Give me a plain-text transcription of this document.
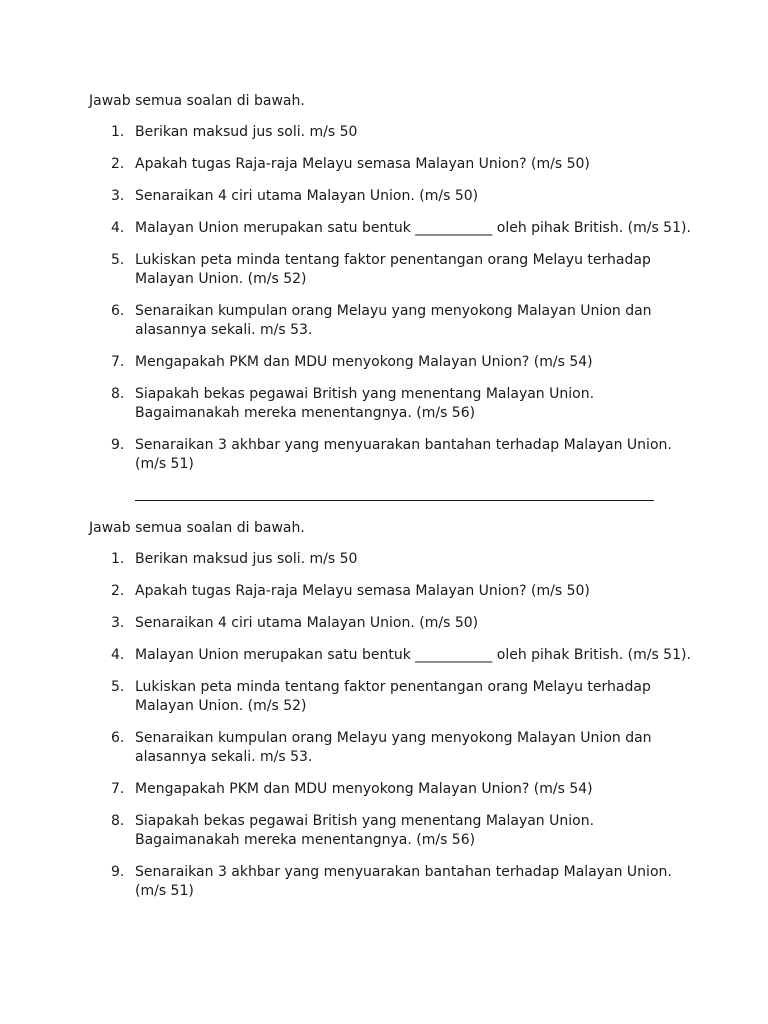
Jawab semua soalan di bawah.

1. Berikan maksud jus soli. m/s 50
2. Apakah tugas Raja-raja Melayu semasa Malayan Union? (m/s 50)
3. Senaraikan 4 ciri utama Malayan Union. (m/s 50)
4. Malayan Union merupakan satu bentuk ___________ oleh pihak British. (m/s 51).
5. Lukiskan peta minda tentang faktor penentangan orang Melayu terhadap
Malayan Union. (m/s 52)
6. Senaraikan kumpulan orang Melayu yang menyokong Malayan Union dan
alasannya sekali. m/s 53.
7. Mengapakah PKM dan MDU menyokong Malayan Union? (m/s 54)
8. Siapakah bekas pegawai British yang menentang Malayan Union.
Bagaimanakah mereka menentangnya. (m/s 56)
9. Senaraikan 3 akhbar yang menyuarakan bantahan terhadap Malayan Union.
(m/s 51)

Jawab semua soalan di bawah.

1. Berikan maksud jus soli. m/s 50
2. Apakah tugas Raja-raja Melayu semasa Malayan Union? (m/s 50)
3. Senaraikan 4 ciri utama Malayan Union. (m/s 50)
4. Malayan Union merupakan satu bentuk ___________ oleh pihak British. (m/s 51).
5. Lukiskan peta minda tentang faktor penentangan orang Melayu terhadap
Malayan Union. (m/s 52)
6. Senaraikan kumpulan orang Melayu yang menyokong Malayan Union dan
alasannya sekali. m/s 53.
7. Mengapakah PKM dan MDU menyokong Malayan Union? (m/s 54)
8. Siapakah bekas pegawai British yang menentang Malayan Union.
Bagaimanakah mereka menentangnya. (m/s 56)
9. Senaraikan 3 akhbar yang menyuarakan bantahan terhadap Malayan Union.
(m/s 51)
